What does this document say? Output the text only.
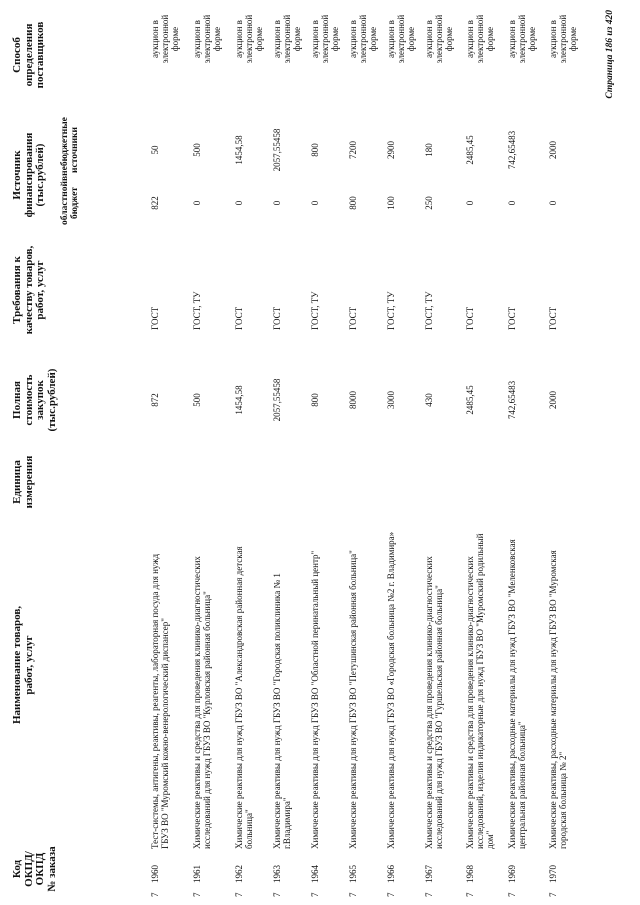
Код
ОКПД/
ОКПД
№ заказа
Наименование товаров,
работ, услуг
Единица
измерения
Полная
стоимость
закупок
(тыс.рублей)
Требования к
качеству товаров,
работ, услуг
Источник
финансирования
(тыс.рублей) областной
бюджет
внебюджетные
источники
Способ
определения
поставщиков
7
1960
Тест-системы, антигены, реактивы, реагенты, лабораторная посуда для нужд ГБУЗ ВО "Муромский кожно-венерологический диспансер"
872
ГОСТ
822
50
аукцион в электронной форме
7
1961
Химические реактивы и средства для проведения клинико-диагностических исследований для нужд ГБУЗ ВО "Курловская районная больница"
500
ГОСТ, ТУ
0
500
аукцион в электронной форме
7
1962
Химические реактивы для нужд ГБУЗ ВО "Александровская районная детская больница"
1454,58
ГОСТ
0
1454,58
аукцион в электронной форме
7
1963
Химические реактивы для нужд ГБУЗ ВО "Городская поликлиника № 1 г.Владимира"
2057,55458
ГОСТ
0
2057,55458
аукцион в электронной форме
7
1964
Химические реактивы для нужд ГБУЗ ВО "Областной перинатальный центр"
800
ГОСТ, ТУ
0
800
аукцион в электронной форме
7
1965
Химические реактивы для нужд ГБУЗ ВО "Петушинская районная больница"
8000
ГОСТ
800
7200
аукцион в электронной форме
7
1966
Химические реактивы для нужд ГБУЗ ВО «Городская больница №2 г. Владимира»
3000
ГОСТ, ТУ
100
2900
аукцион в электронной форме
7
1967
Химические реактивы и средства для проведения клинико-диагностических исследований для нужд ГБУЗ ВО "Гуршельская районная больница"
430
ГОСТ, ТУ
250
180
аукцион в электронной форме
7
1968
Химические реактивы и средства для проведения клинико-диагностических исследований, изделия индикаторные для нужд ГБУЗ ВО "Муромский родильный дом"
2485,45
ГОСТ
0
2485,45
аукцион в электронной форме
7
1969
Химические реактивы, расходные материалы для нужд ГБУЗ ВО "Меленковская центральная районная больница"
742,65483
ГОСТ
0
742,65483
аукцион в электронной форме
7
1970
Химические реактивы, расходные материалы для нужд ГБУЗ ВО "Муромская городская больница № 2"
2000
ГОСТ
0
2000
аукцион в электронной форме	Страница 186 из 420
